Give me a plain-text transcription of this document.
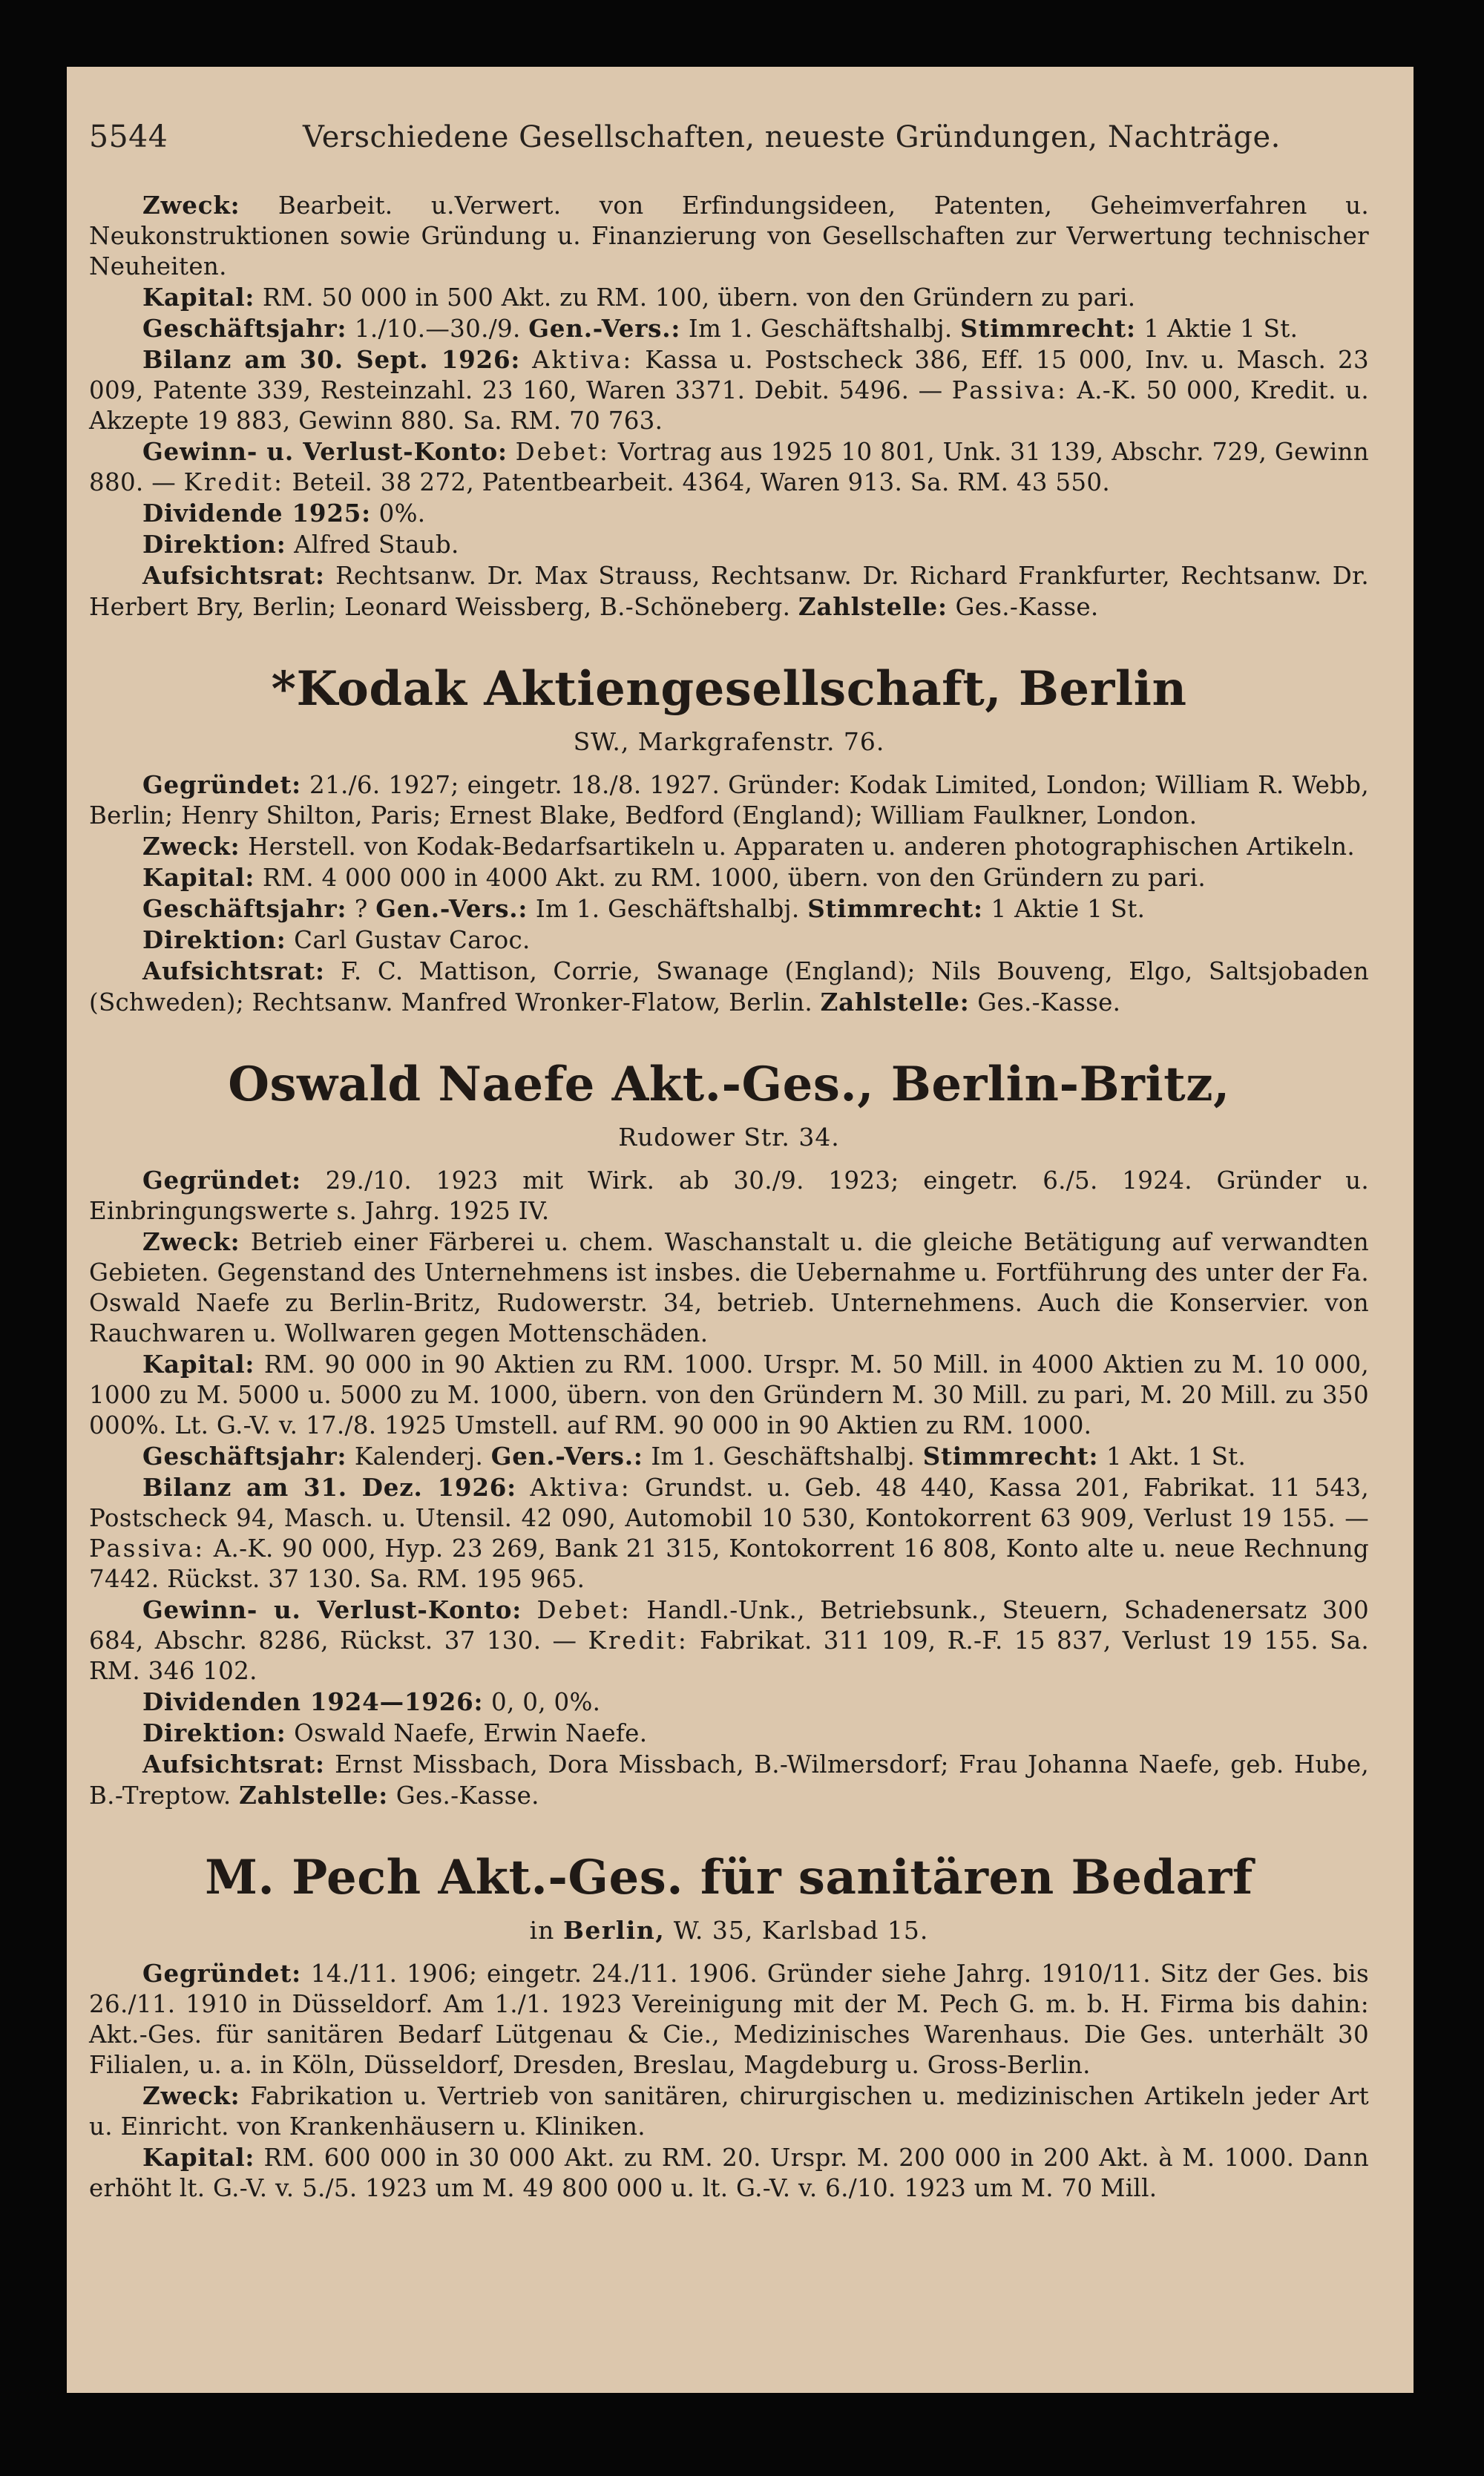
5544	Verschiedene Gesellschaften, neueste Gründungen, Nachträge.

Zweck: Bearbeit. u.Verwert. von Erfindungsideen, Patenten, Geheimverfahren u. Neukonstruktionen sowie Gründung u. Finanzierung von Gesellschaften zur Verwertung technischer Neuheiten.

Kapital: RM. 50 000 in 500 Akt. zu RM. 100, übern. von den Gründern zu pari.

Geschäftsjahr: 1./10.—30./9. Gen.-Vers.: Im 1. Geschäftshalbj. Stimmrecht: 1 Aktie 1 St.

Bilanz am 30. Sept. 1926: Aktiva: Kassa u. Postscheck 386, Eff. 15 000, Inv. u. Masch. 23 009, Patente 339, Resteinzahl. 23 160, Waren 3371. Debit. 5496. — Passiva: A.-K. 50 000, Kredit. u. Akzepte 19 883, Gewinn 880. Sa. RM. 70 763.

Gewinn- u. Verlust-Konto: Debet: Vortrag aus 1925 10 801, Unk. 31 139, Abschr. 729, Gewinn 880. — Kredit: Beteil. 38 272, Patentbearbeit. 4364, Waren 913. Sa. RM. 43 550.

Dividende 1925: 0%.

Direktion: Alfred Staub.

Aufsichtsrat: Rechtsanw. Dr. Max Strauss, Rechtsanw. Dr. Richard Frankfurter, Rechtsanw. Dr. Herbert Bry, Berlin; Leonard Weissberg, B.-Schöneberg. Zahlstelle: Ges.-Kasse.

*Kodak Aktiengesellschaft, Berlin
SW., Markgrafenstr. 76.

Gegründet: 21./6. 1927; eingetr. 18./8. 1927. Gründer: Kodak Limited, London; William R. Webb, Berlin; Henry Shilton, Paris; Ernest Blake, Bedford (England); William Faulkner, London.

Zweck: Herstell. von Kodak-Bedarfsartikeln u. Apparaten u. anderen photographischen Artikeln.

Kapital: RM. 4 000 000 in 4000 Akt. zu RM. 1000, übern. von den Gründern zu pari.

Geschäftsjahr: ? Gen.-Vers.: Im 1. Geschäftshalbj. Stimmrecht: 1 Aktie 1 St.

Direktion: Carl Gustav Caroc.

Aufsichtsrat: F. C. Mattison, Corrie, Swanage (England); Nils Bouveng, Elgo, Saltsjobaden (Schweden); Rechtsanw. Manfred Wronker-Flatow, Berlin. Zahlstelle: Ges.-Kasse.

Oswald Naefe Akt.-Ges., Berlin-Britz,
Rudower Str. 34.

Gegründet: 29./10. 1923 mit Wirk. ab 30./9. 1923; eingetr. 6./5. 1924. Gründer u. Einbringungswerte s. Jahrg. 1925 IV.

Zweck: Betrieb einer Färberei u. chem. Waschanstalt u. die gleiche Betätigung auf verwandten Gebieten. Gegenstand des Unternehmens ist insbes. die Uebernahme u. Fortführung des unter der Fa. Oswald Naefe zu Berlin-Britz, Rudowerstr. 34, betrieb. Unternehmens. Auch die Konservier. von Rauchwaren u. Wollwaren gegen Mottenschäden.

Kapital: RM. 90 000 in 90 Aktien zu RM. 1000. Urspr. M. 50 Mill. in 4000 Aktien zu M. 10 000, 1000 zu M. 5000 u. 5000 zu M. 1000, übern. von den Gründern M. 30 Mill. zu pari, M. 20 Mill. zu 350 000%. Lt. G.-V. v. 17./8. 1925 Umstell. auf RM. 90 000 in 90 Aktien zu RM. 1000.

Geschäftsjahr: Kalenderj. Gen.-Vers.: Im 1. Geschäftshalbj. Stimmrecht: 1 Akt. 1 St.

Bilanz am 31. Dez. 1926: Aktiva: Grundst. u. Geb. 48 440, Kassa 201, Fabrikat. 11 543, Postscheck 94, Masch. u. Utensil. 42 090, Automobil 10 530, Kontokorrent 63 909, Verlust 19 155. — Passiva: A.-K. 90 000, Hyp. 23 269, Bank 21 315, Kontokorrent 16 808, Konto alte u. neue Rechnung 7442. Rückst. 37 130. Sa. RM. 195 965.

Gewinn- u. Verlust-Konto: Debet: Handl.-Unk., Betriebsunk., Steuern, Schadenersatz 300 684, Abschr. 8286, Rückst. 37 130. — Kredit: Fabrikat. 311 109, R.-F. 15 837, Verlust 19 155. Sa. RM. 346 102.

Dividenden 1924—1926: 0, 0, 0%.

Direktion: Oswald Naefe, Erwin Naefe.

Aufsichtsrat: Ernst Missbach, Dora Missbach, B.-Wilmersdorf; Frau Johanna Naefe, geb. Hube, B.-Treptow. Zahlstelle: Ges.-Kasse.

M. Pech Akt.-Ges. für sanitären Bedarf
in Berlin, W. 35, Karlsbad 15.

Gegründet: 14./11. 1906; eingetr. 24./11. 1906. Gründer siehe Jahrg. 1910/11. Sitz der Ges. bis 26./11. 1910 in Düsseldorf. Am 1./1. 1923 Vereinigung mit der M. Pech G. m. b. H. Firma bis dahin: Akt.-Ges. für sanitären Bedarf Lütgenau & Cie., Medizinisches Warenhaus. Die Ges. unterhält 30 Filialen, u. a. in Köln, Düsseldorf, Dresden, Breslau, Magdeburg u. Gross-Berlin.

Zweck: Fabrikation u. Vertrieb von sanitären, chirurgischen u. medizinischen Artikeln jeder Art u. Einricht. von Krankenhäusern u. Kliniken.

Kapital: RM. 600 000 in 30 000 Akt. zu RM. 20. Urspr. M. 200 000 in 200 Akt. à M. 1000. Dann erhöht lt. G.-V. v. 5./5. 1923 um M. 49 800 000 u. lt. G.-V. v. 6./10. 1923 um M. 70 Mill.
